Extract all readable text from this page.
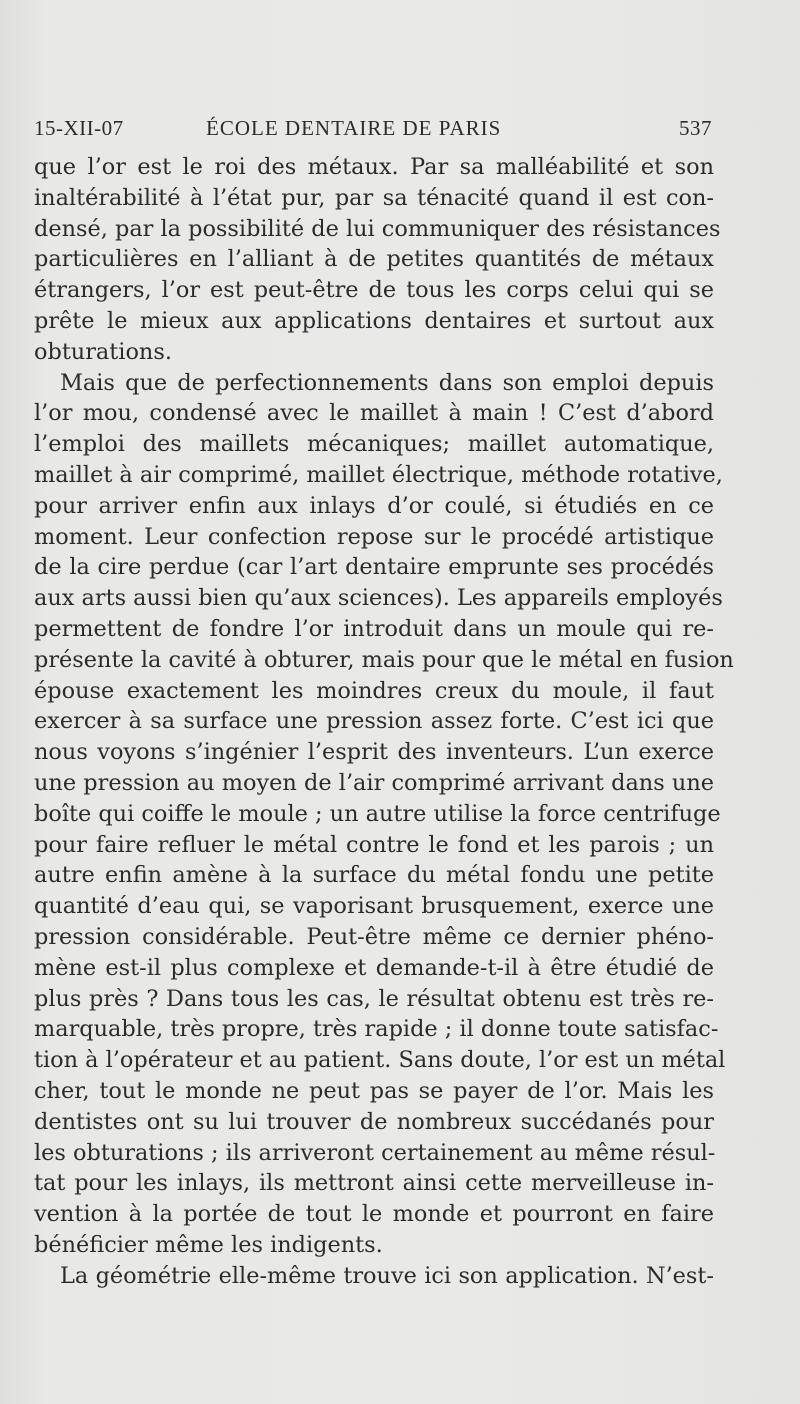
15-XII-07	ÉCOLE DENTAIRE DE PARIS	537
que l’or est le roi des métaux. Par sa malléabilité et son
inaltérabilité à l’état pur, par sa ténacité quand il est con-
densé, par la possibilité de lui communiquer des résistances
particulières en l’alliant à de petites quantités de métaux
étrangers, l’or est peut-être de tous les corps celui qui se
prête le mieux aux applications dentaires et surtout aux
obturations.
Mais que de perfectionnements dans son emploi depuis
l’or mou, condensé avec le maillet à main ! C’est d’abord
l’emploi des maillets mécaniques; maillet automatique,
maillet à air comprimé, maillet électrique, méthode rotative,
pour arriver enfin aux inlays d’or coulé, si étudiés en ce
moment. Leur confection repose sur le procédé artistique
de la cire perdue (car l’art dentaire emprunte ses procédés
aux arts aussi bien qu’aux sciences). Les appareils employés
permettent de fondre l’or introduit dans un moule qui re-
présente la cavité à obturer, mais pour que le métal en fusion
épouse exactement les moindres creux du moule, il faut
exercer à sa surface une pression assez forte. C’est ici que
nous voyons s’ingénier l’esprit des inventeurs. L’un exerce
une pression au moyen de l’air comprimé arrivant dans une
boîte qui coiffe le moule ; un autre utilise la force centrifuge
pour faire refluer le métal contre le fond et les parois ; un
autre enfin amène à la surface du métal fondu une petite
quantité d’eau qui, se vaporisant brusquement, exerce une
pression considérable. Peut-être même ce dernier phéno-
mène est-il plus complexe et demande-t-il à être étudié de
plus près ? Dans tous les cas, le résultat obtenu est très re-
marquable, très propre, très rapide ; il donne toute satisfac-
tion à l’opérateur et au patient. Sans doute, l’or est un métal
cher, tout le monde ne peut pas se payer de l’or. Mais les
dentistes ont su lui trouver de nombreux succédanés pour
les obturations ; ils arriveront certainement au même résul-
tat pour les inlays, ils mettront ainsi cette merveilleuse in-
vention à la portée de tout le monde et pourront en faire
bénéficier même les indigents.
La géométrie elle-même trouve ici son application. N’est-
